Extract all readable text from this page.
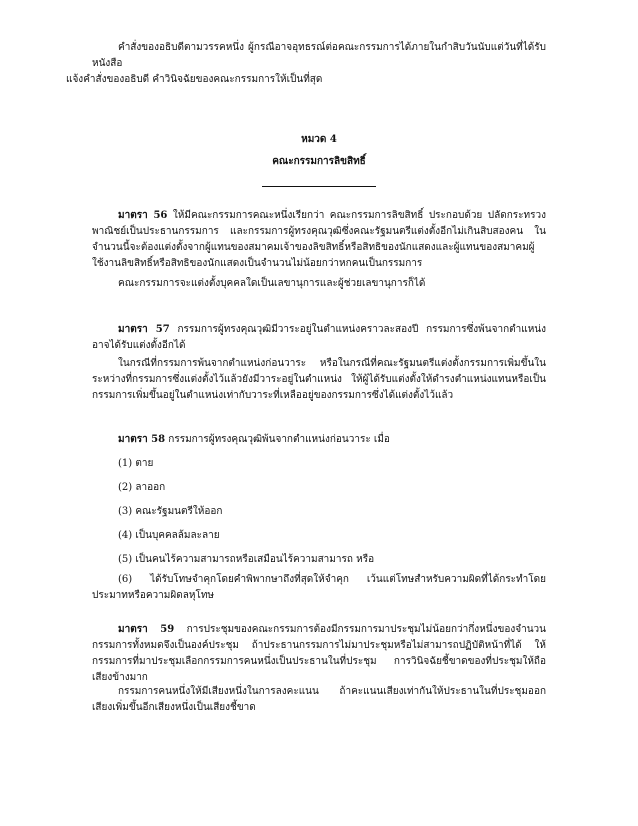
คำสั่งของอธิบดีตามวรรคหนึ่ง ผู้กรณีอาจอุทธรณ์ต่อคณะกรรมการได้ภายในกำสิบวันนับแต่วันที่ได้รับหนังสือ
แจ้งคำสั่งของอธิบดี คำวินิจฉัยของคณะกรรมการให้เป็นที่สุด

หมวด 4

คณะกรรมการลิขสิทธิ์

มาตรา 56 ให้มีคณะกรรมการคณะหนึ่งเรียกว่า คณะกรรมการลิขสิทธิ์ ประกอบด้วย ปลัดกระทรวงพาณิชย์เป็นประธานกรรมการ และกรรมการผู้ทรงคุณวุฒิซึ่งคณะรัฐมนตรีแต่งตั้งอีกไม่เกินสิบสองคน ในจำนวนนี้จะต้องแต่งตั้งจากผู้แทนของสมาคมเจ้าของลิขสิทธิ์หรือสิทธิของนักแสดงและผู้แทนของสมาคมผู้ใช้งานลิขสิทธิ์หรือสิทธิของนักแสดงเป็นจำนวนไม่น้อยกว่าหกคนเป็นกรรมการ

คณะกรรมการจะแต่งตั้งบุคคลใดเป็นเลขานุการและผู้ช่วยเลขานุการก็ได้

มาตรา 57 กรรมการผู้ทรงคุณวุฒิมีวาระอยู่ในตำแหน่งคราวละสองปี กรรมการซึ่งพ้นจากตำแหน่งอาจได้รับแต่งตั้งอีกได้

ในกรณีที่กรรมการพ้นจากตำแหน่งก่อนวาระ หรือในกรณีที่คณะรัฐมนตรีแต่งตั้งกรรมการเพิ่มขึ้นในระหว่างที่กรรมการซึ่งแต่งตั้งไว้แล้วยังมีวาระอยู่ในตำแหน่ง ให้ผู้ได้รับแต่งตั้งให้ดำรงตำแหน่งแทนหรือเป็นกรรมการเพิ่มขึ้นอยู่ในตำแหน่งเท่ากับวาระที่เหลืออยู่ของกรรมการซึ่งได้แต่งตั้งไว้แล้ว

มาตรา 58 กรรมการผู้ทรงคุณวุฒิพ้นจากตำแหน่งก่อนวาระ เมื่อ

(1) ตาย

(2) ลาออก

(3) คณะรัฐมนตรีให้ออก

(4) เป็นบุคคลล้มละลาย

(5) เป็นคนไร้ความสามารถหรือเสมือนไร้ความสามารถ หรือ

(6) ได้รับโทษจำคุกโดยคำพิพากษาถึงที่สุดให้จำคุก เว้นแต่โทษสำหรับความผิดที่ได้กระทำโดยประมาทหรือความผิดลหุโทษ

มาตรา 59 การประชุมของคณะกรรมการต้องมีกรรมการมาประชุมไม่น้อยกว่ากึ่งหนึ่งของจำนวนกรรมการทั้งหมดจึงเป็นองค์ประชุม ถ้าประธานกรรมการไม่มาประชุมหรือไม่สามารถปฏิบัติหน้าที่ได้ ให้กรรมการที่มาประชุมเลือกกรรมการคนหนึ่งเป็นประธานในที่ประชุม การวินิจฉัยชี้ขาดของที่ประชุมให้ถือเสียงข้างมาก

กรรมการคนหนึ่งให้มีเสียงหนึ่งในการลงคะแนน ถ้าคะแนนเสียงเท่ากันให้ประธานในที่ประชุมออกเสียงเพิ่มขึ้นอีกเสียงหนึ่งเป็นเสียงชี้ขาด
